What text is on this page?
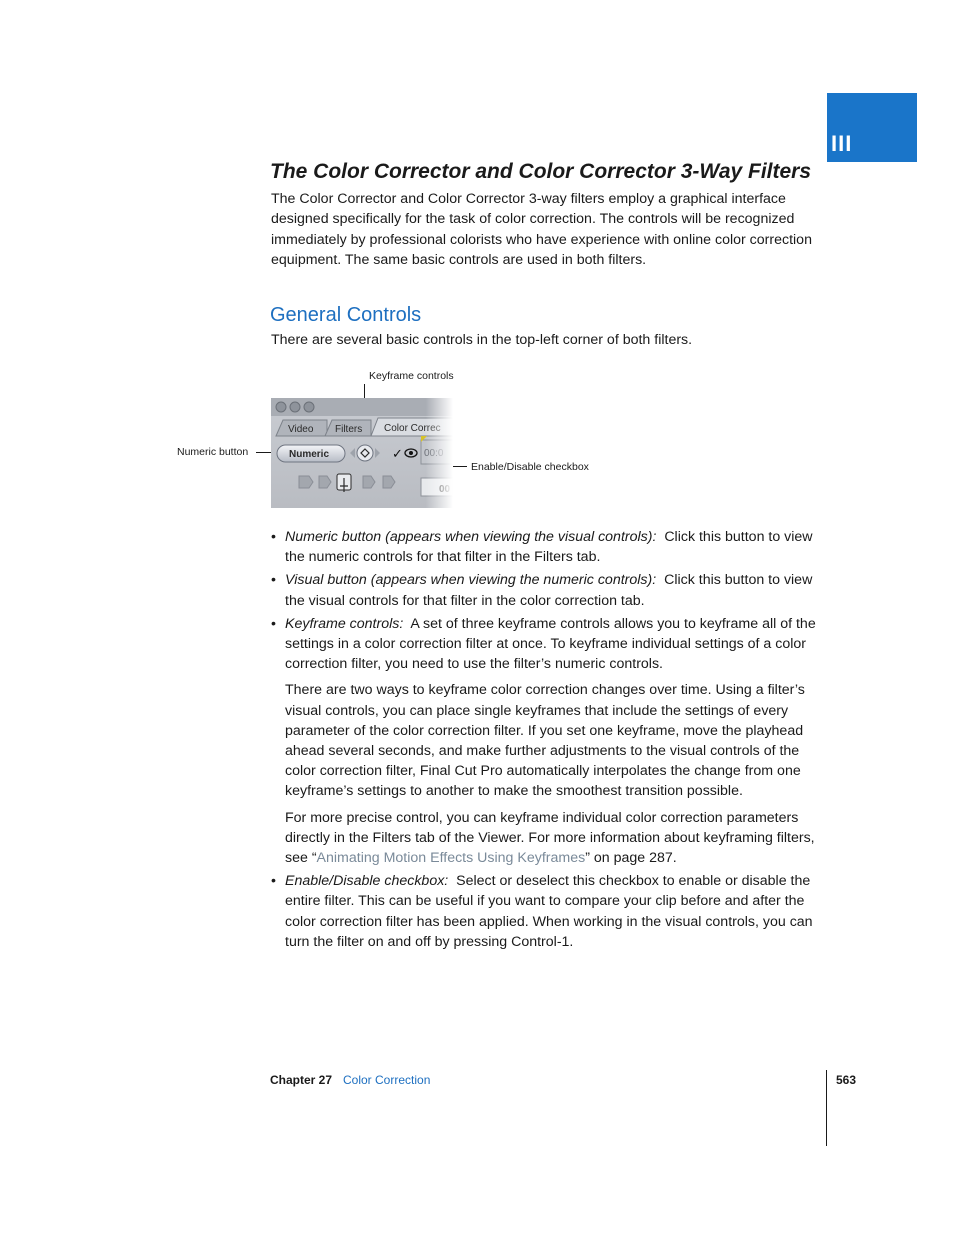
III
The Color Corrector and Color Corrector 3-Way Filters

The Color Corrector and Color Corrector 3-way filters employ a graphical interface designed specifically for the task of color correction. The controls will be recognized immediately by professional colorists who have experience with online color correction equipment. The same basic controls are used in both filters.

General Controls

There are several basic controls in the top-left corner of both filters.

Keyframe controls
Numeric button
Enable/Disable checkbox
• Numeric button (appears when viewing the visual controls): Click this button to view the numeric controls for that filter in the Filters tab.

• Visual button (appears when viewing the numeric controls): Click this button to view the visual controls for that filter in the color correction tab.

• Keyframe controls: A set of three keyframe controls allows you to keyframe all of the settings in a color correction filter at once. To keyframe individual settings of a color correction filter, you need to use the filter’s numeric controls.

There are two ways to keyframe color correction changes over time. Using a filter’s visual controls, you can place single keyframes that include the settings of every parameter of the color correction filter. If you set one keyframe, move the playhead ahead several seconds, and make further adjustments to the visual controls of the color correction filter, Final Cut Pro automatically interpolates the change from one keyframe’s settings to another to make the smoothest transition possible.

For more precise control, you can keyframe individual color correction parameters directly in the Filters tab of the Viewer. For more information about keyframing filters, see “Animating Motion Effects Using Keyframes” on page 287.

• Enable/Disable checkbox: Select or deselect this checkbox to enable or disable the entire filter. This can be useful if you want to compare your clip before and after the color correction filter has been applied. When working in the visual controls, you can turn the filter on and off by pressing Control-1.

Chapter 27 Color Correction	563
